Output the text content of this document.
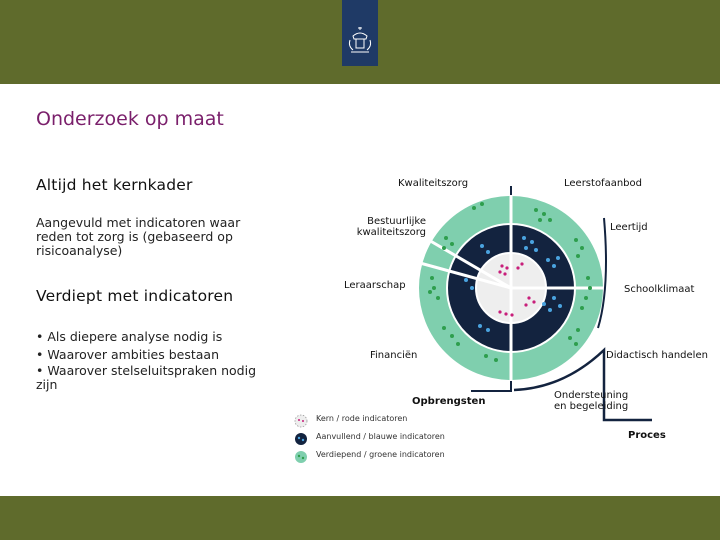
Onderzoek op maat
Altijd het kernkader
Aangevuld met indicatoren waar reden tot zorg is (gebaseerd op risicoanalyse)
Verdiept met indicatoren
• Als diepere analyse nodig is
• Waarover ambities bestaan
• Waarover stelseluitspraken nodig zijn
Kwaliteitszorg	Leerstofaanbod
Bestuurlijke
kwaliteitszorg	Leertijd
Leraarschap	Schoolklimaat
Financiën	Didactisch handelen
Opbrengsten
Ondersteuning
en begeleiding
Proces
Kern / rode indicatoren
Aanvullend / blauwe indicatoren
Verdiepend / groene indicatoren
